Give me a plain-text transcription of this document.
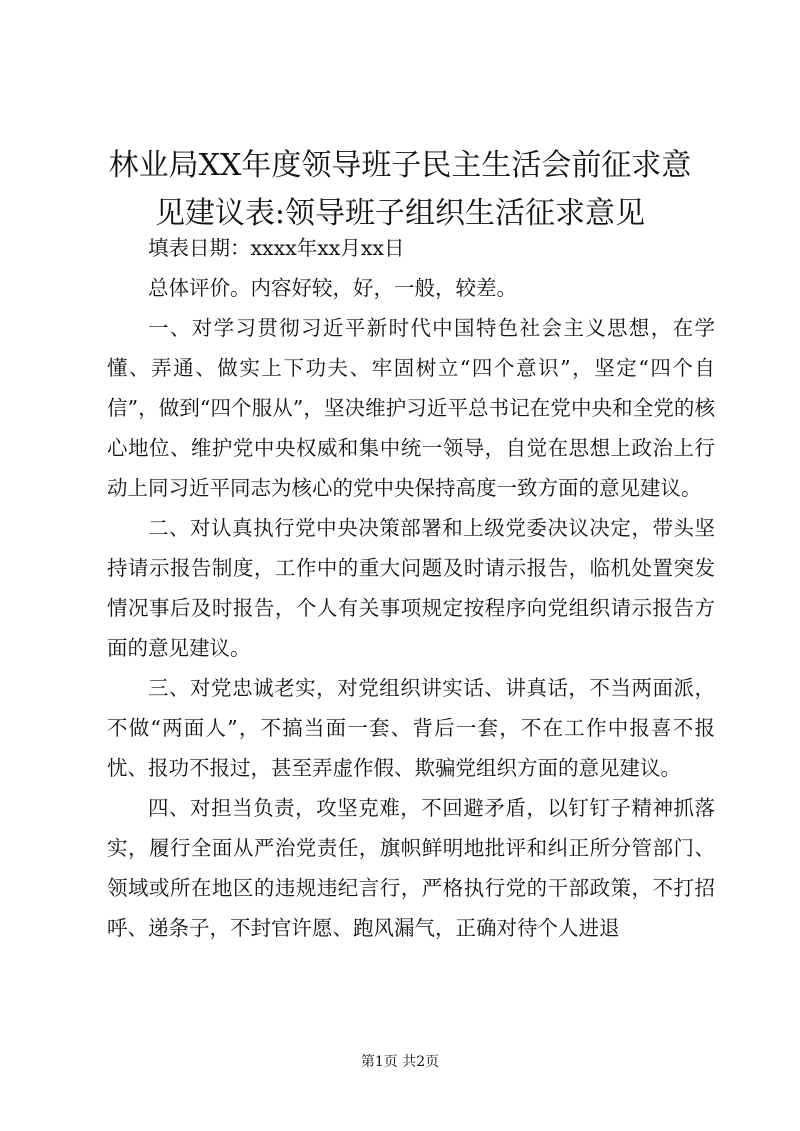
林业局XX年度领导班子民主生活会前征求意
见建议表:领导班子组织生活征求意见

填表日期：xxxx年xx月xx日

总体评价。内容好较，好，一般，较差。

一、对学习贯彻习近平新时代中国特色社会主义思想，在学懂、弄通、做实上下功夫、牢固树立“四个意识”，坚定“四个自信”，做到“四个服从”，坚决维护习近平总书记在党中央和全党的核心地位、维护党中央权威和集中统一领导，自觉在思想上政治上行动上同习近平同志为核心的党中央保持高度一致方面的意见建议。

二、对认真执行党中央决策部署和上级党委决议决定，带头坚持请示报告制度，工作中的重大问题及时请示报告，临机处置突发情况事后及时报告，个人有关事项规定按程序向党组织请示报告方面的意见建议。

三、对党忠诚老实，对党组织讲实话、讲真话，不当两面派，不做“两面人”，不搞当面一套、背后一套，不在工作中报喜不报忧、报功不报过，甚至弄虚作假、欺骗党组织方面的意见建议。

四、对担当负责，攻坚克难，不回避矛盾，以钉钉子精神抓落实，履行全面从严治党责任，旗帜鲜明地批评和纠正所分管部门、领域或所在地区的违规违纪言行，严格执行党的干部政策，不打招呼、递条子，不封官许愿、跑风漏气，正确对待个人进退

第1页 共2页
